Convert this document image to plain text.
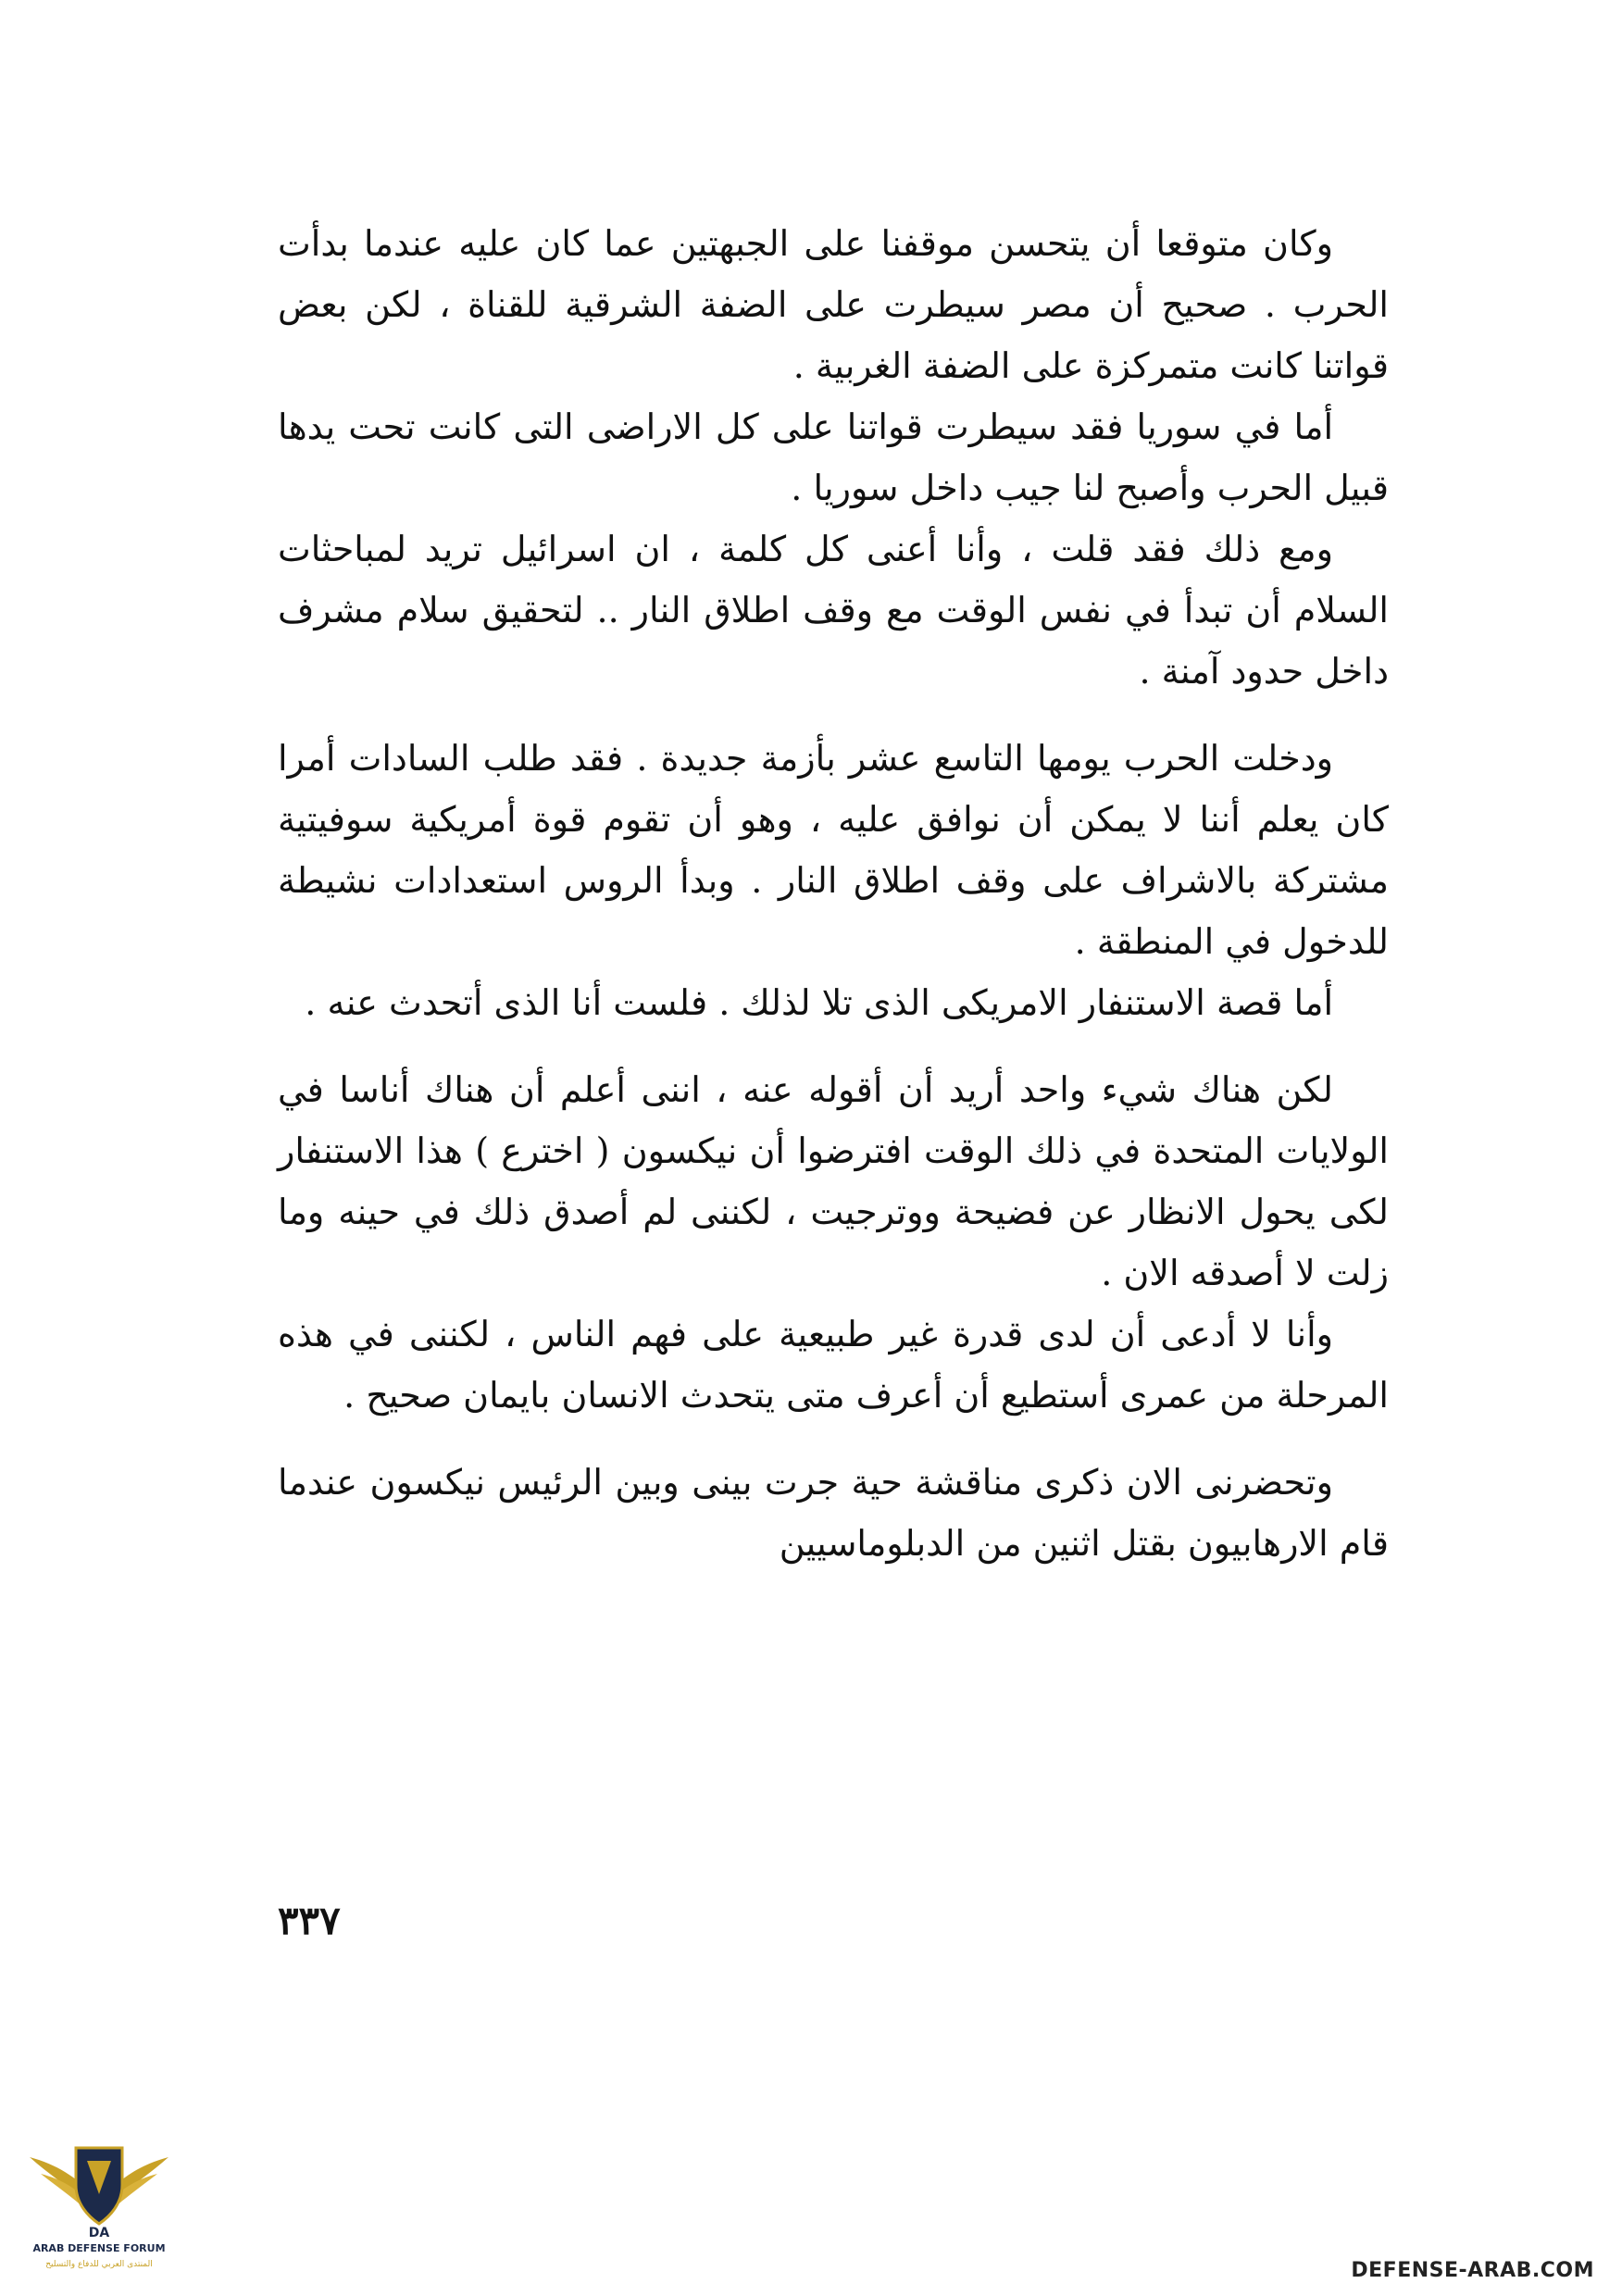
وكان متوقعا أن يتحسن موقفنا على الجبهتين عما كان عليه عندما بدأت الحرب . صحيح أن مصر سيطرت على الضفة الشرقية للقناة ، لكن بعض قواتنا كانت متمركزة على الضفة الغربية .

أما في سوريا فقد سيطرت قواتنا على كل الاراضى التى كانت تحت يدها قبيل الحرب وأصبح لنا جيب داخل سوريا .

ومع ذلك فقد قلت ، وأنا أعنى كل كلمة ، ان اسرائيل تريد لمباحثات السلام أن تبدأ في نفس الوقت مع وقف اطلاق النار .. لتحقيق سلام مشرف داخل حدود آمنة .

ودخلت الحرب يومها التاسع عشر بأزمة جديدة . فقد طلب السادات أمرا كان يعلم أننا لا يمكن أن نوافق عليه ، وهو أن تقوم قوة أمريكية سوفيتية مشتركة بالاشراف على وقف اطلاق النار . وبدأ الروس استعدادات نشيطة للدخول في المنطقة .

أما قصة الاستنفار الامريكى الذى تلا لذلك . فلست أنا الذى أتحدث عنه .

لكن هناك شيء واحد أريد أن أقوله عنه ، اننى أعلم أن هناك أناسا في الولايات المتحدة في ذلك الوقت افترضوا أن نيكسون ( اخترع ) هذا الاستنفار لكى يحول الانظار عن فضيحة ووترجيت ، لكننى لم أصدق ذلك في حينه وما زلت لا أصدقه الان .

وأنا لا أدعى أن لدى قدرة غير طبيعية على فهم الناس ، لكننى في هذه المرحلة من عمرى أستطيع أن أعرف متى يتحدث الانسان بايمان صحيح .

وتحضرنى الان ذكرى مناقشة حية جرت بينى وبين الرئيس نيكسون عندما قام الارهابيون بقتل اثنين من الدبلوماسيين

٣٣٧
DA
ARAB DEFENSE FORUM
المنتدى العربي للدفاع والتسليح	DEFENSE-ARAB.COM
